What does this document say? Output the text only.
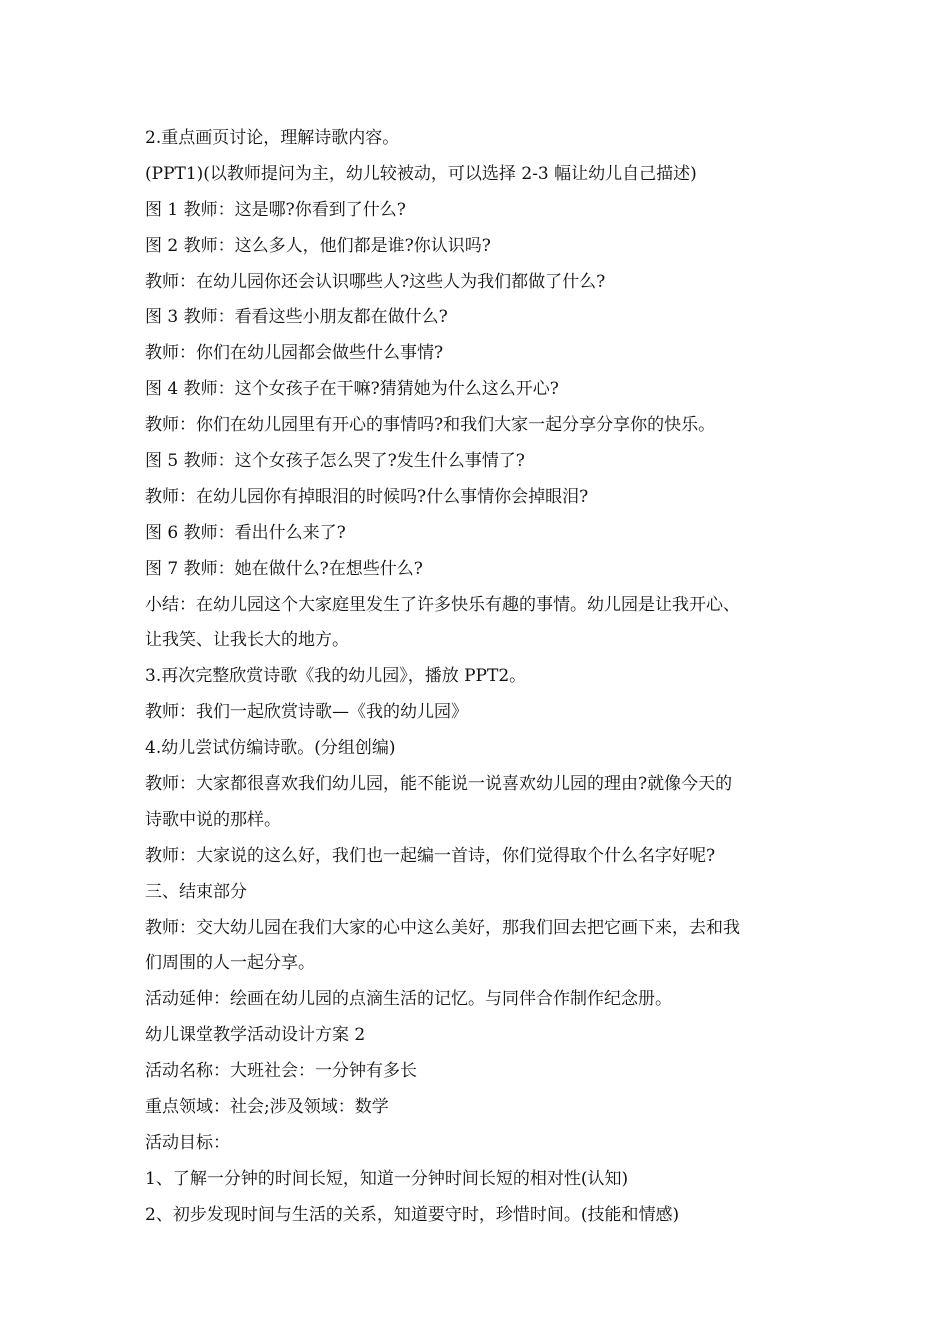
2.重点画页讨论，理解诗歌内容。
(PPT1)(以教师提问为主，幼儿较被动，可以选择 2-3 幅让幼儿自己描述)
图 1 教师：这是哪?你看到了什么?
图 2 教师：这么多人，他们都是谁?你认识吗?
教师：在幼儿园你还会认识哪些人?这些人为我们都做了什么?
图 3 教师：看看这些小朋友都在做什么?
教师：你们在幼儿园都会做些什么事情?
图 4 教师：这个女孩子在干嘛?猜猜她为什么这么开心?
教师：你们在幼儿园里有开心的事情吗?和我们大家一起分享分享你的快乐。
图 5 教师：这个女孩子怎么哭了?发生什么事情了?
教师：在幼儿园你有掉眼泪的时候吗?什么事情你会掉眼泪?
图 6 教师：看出什么来了?
图 7 教师：她在做什么?在想些什么?
小结：在幼儿园这个大家庭里发生了许多快乐有趣的事情。幼儿园是让我开心、
让我笑、让我长大的地方。
3.再次完整欣赏诗歌《我的幼儿园》，播放 PPT2。
教师：我们一起欣赏诗歌—《我的幼儿园》
4.幼儿尝试仿编诗歌。(分组创编)
教师：大家都很喜欢我们幼儿园，能不能说一说喜欢幼儿园的理由?就像今天的
诗歌中说的那样。
教师：大家说的这么好，我们也一起编一首诗，你们觉得取个什么名字好呢?
三、结束部分
教师：交大幼儿园在我们大家的心中这么美好，那我们回去把它画下来，去和我
们周围的人一起分享。
活动延伸：绘画在幼儿园的点滴生活的记忆。与同伴合作制作纪念册。
幼儿课堂教学活动设计方案 2
活动名称：大班社会：一分钟有多长
重点领域：社会;涉及领域：数学
活动目标：
1、了解一分钟的时间长短，知道一分钟时间长短的相对性(认知)
2、初步发现时间与生活的关系，知道要守时，珍惜时间。(技能和情感)
